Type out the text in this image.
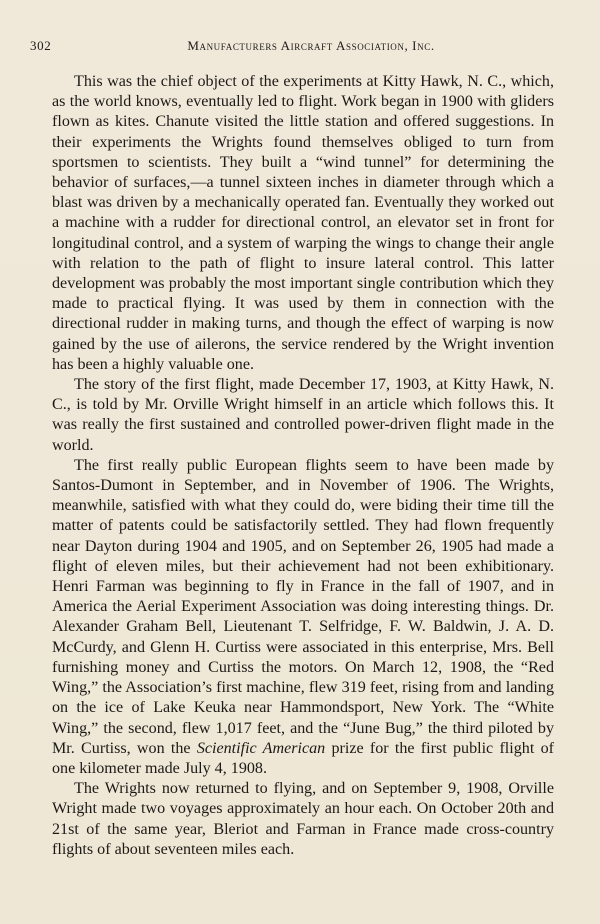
302	Manufacturers Aircraft Association, Inc.

This was the chief object of the experiments at Kitty Hawk, N. C., which, as the world knows, eventually led to flight. Work began in 1900 with gliders flown as kites. Chanute visited the little station and offered suggestions. In their experiments the Wrights found themselves obliged to turn from sportsmen to scientists. They built a “wind tunnel” for determining the behavior of surfaces,—a tunnel sixteen inches in diameter through which a blast was driven by a mechanically operated fan. Eventually they worked out a machine with a rudder for directional control, an elevator set in front for longitudinal control, and a system of warping the wings to change their angle with relation to the path of flight to insure lateral control. This latter development was probably the most important single contribution which they made to practical flying. It was used by them in connection with the directional rudder in making turns, and though the effect of warping is now gained by the use of ailerons, the service rendered by the Wright invention has been a highly valuable one.

The story of the first flight, made December 17, 1903, at Kitty Hawk, N. C., is told by Mr. Orville Wright himself in an article which follows this. It was really the first sustained and controlled power-driven flight made in the world.

The first really public European flights seem to have been made by Santos-Dumont in September, and in November of 1906. The Wrights, meanwhile, satisfied with what they could do, were biding their time till the matter of patents could be satisfactorily settled. They had flown frequently near Dayton during 1904 and 1905, and on September 26, 1905 had made a flight of eleven miles, but their achievement had not been exhibitionary. Henri Farman was beginning to fly in France in the fall of 1907, and in America the Aerial Experiment Association was doing interesting things. Dr. Alexander Graham Bell, Lieutenant T. Selfridge, F. W. Baldwin, J. A. D. McCurdy, and Glenn H. Curtiss were associated in this enterprise, Mrs. Bell furnishing money and Curtiss the motors. On March 12, 1908, the “Red Wing,” the Association’s first machine, flew 319 feet, rising from and landing on the ice of Lake Keuka near Hammondsport, New York. The “White Wing,” the second, flew 1,017 feet, and the “June Bug,” the third piloted by Mr. Curtiss, won the Scientific American prize for the first public flight of one kilometer made July 4, 1908.

The Wrights now returned to flying, and on September 9, 1908, Orville Wright made two voyages approximately an hour each. On October 20th and 21st of the same year, Bleriot and Farman in France made cross-country flights of about seventeen miles each.
